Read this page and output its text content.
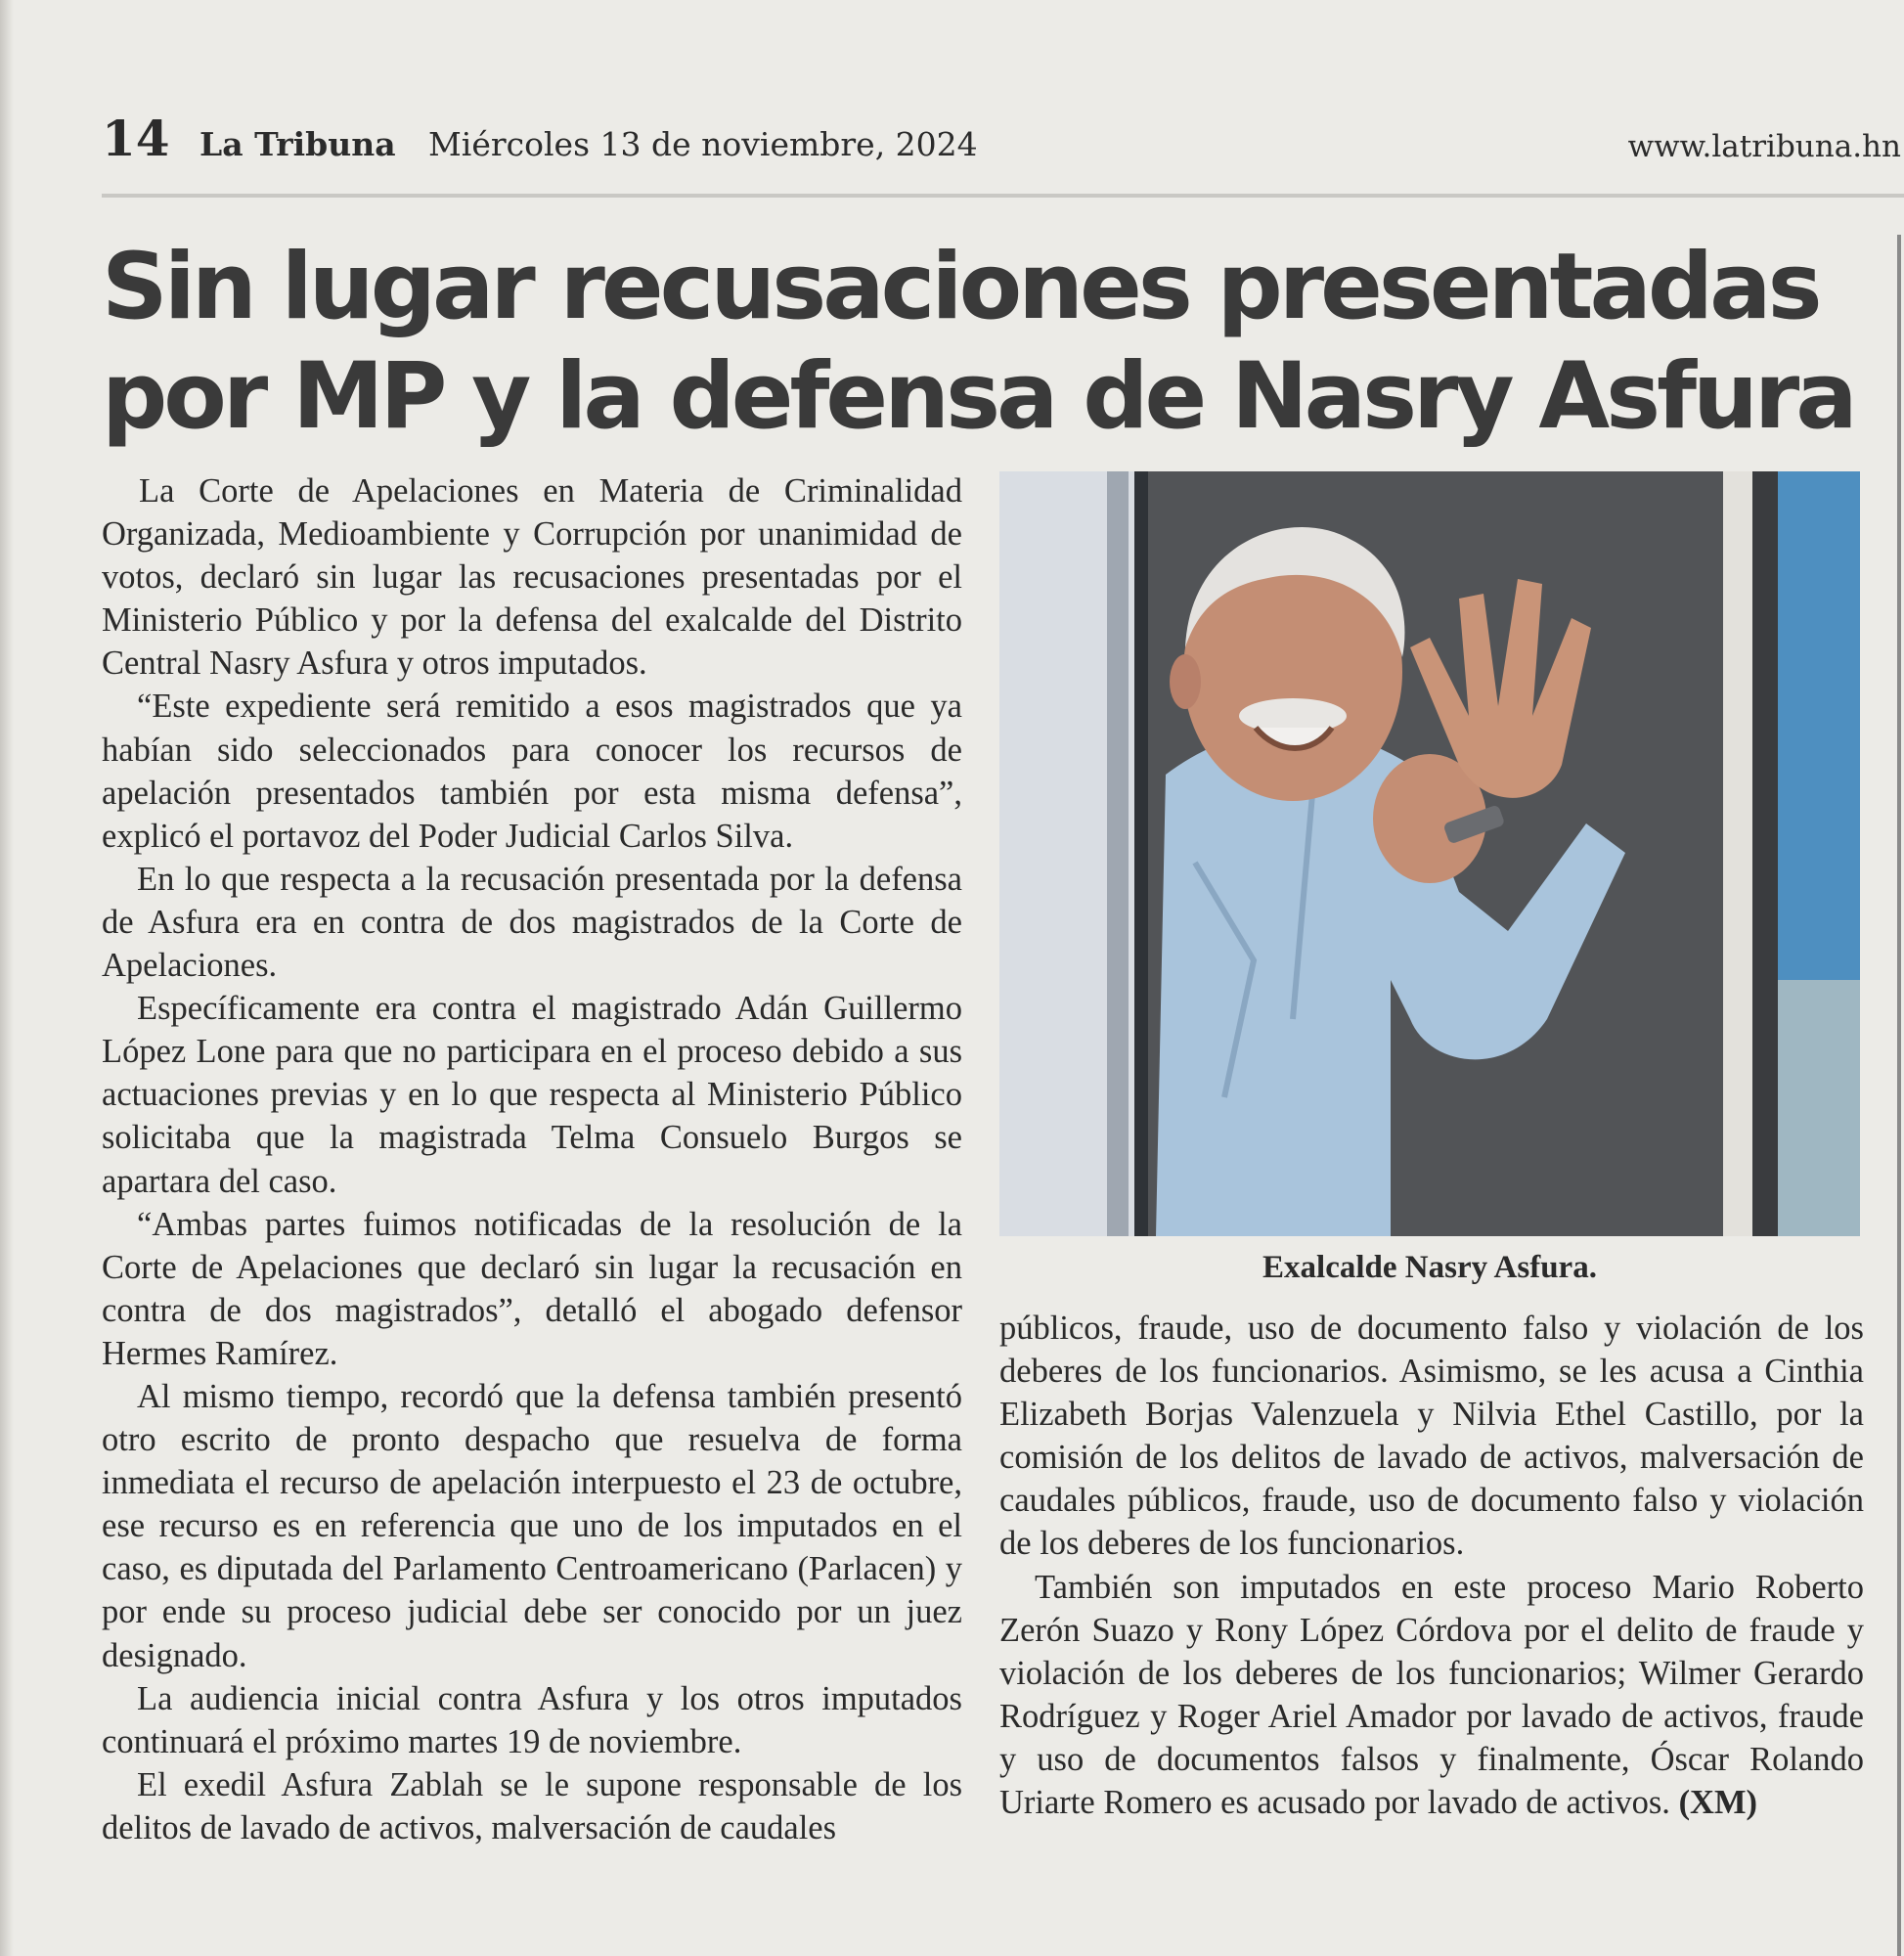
14 La Tribuna Miércoles 13 de noviembre, 2024	www.latribuna.hn
Sin lugar recusaciones presentadas
por MP y la defensa de Nasry Asfura

La Corte de Apelaciones en Materia de Criminalidad Organizada, Medioambiente y Corrupción por unanimidad de votos, declaró sin lugar las recusaciones presentadas por el Ministerio Público y por la defensa del exalcalde del Distrito Central Nasry Asfura y otros imputados.

“Este expediente será remitido a esos magistrados que ya habían sido seleccionados para conocer los recursos de apelación presentados también por esta misma defensa”, explicó el portavoz del Poder Judicial Carlos Silva.

En lo que respecta a la recusación presentada por la defensa de Asfura era en contra de dos magistrados de la Corte de Apelaciones.

Específicamente era contra el magistrado Adán Guillermo López Lone para que no participara en el proceso debido a sus actuaciones previas y en lo que respecta al Ministerio Público solicitaba que la magistrada Telma Consuelo Burgos se apartara del caso.

“Ambas partes fuimos notificadas de la resolución de la Corte de Apelaciones que declaró sin lugar la recusación en contra de dos magistrados”, detalló el abogado defensor Hermes Ramírez.

Al mismo tiempo, recordó que la defensa también presentó otro escrito de pronto despacho que resuelva de forma inmediata el recurso de apelación interpuesto el 23 de octubre, ese recurso es en referencia que uno de los imputados en el caso, es diputada del Parlamento Centroamericano (Parlacen) y por ende su proceso judicial debe ser conocido por un juez designado.

La audiencia inicial contra Asfura y los otros imputados continuará el próximo martes 19 de noviembre.

El exedil Asfura Zablah se le supone responsable de los delitos de lavado de activos, malversación de caudales

Exalcalde Nasry Asfura.

públicos, fraude, uso de documento falso y violación de los deberes de los funcionarios. Asimismo, se les acusa a Cinthia Elizabeth Borjas Valenzuela y Nilvia Ethel Castillo, por la comisión de los delitos de lavado de activos, malversación de caudales públicos, fraude, uso de documento falso y violación de los deberes de los funcionarios.

También son imputados en este proceso Mario Roberto Zerón Suazo y Rony López Córdova por el delito de fraude y violación de los deberes de los funcionarios; Wilmer Gerardo Rodríguez y Roger Ariel Amador por lavado de activos, fraude y uso de documentos falsos y finalmente, Óscar Rolando Uriarte Romero es acusado por lavado de activos. (XM)
